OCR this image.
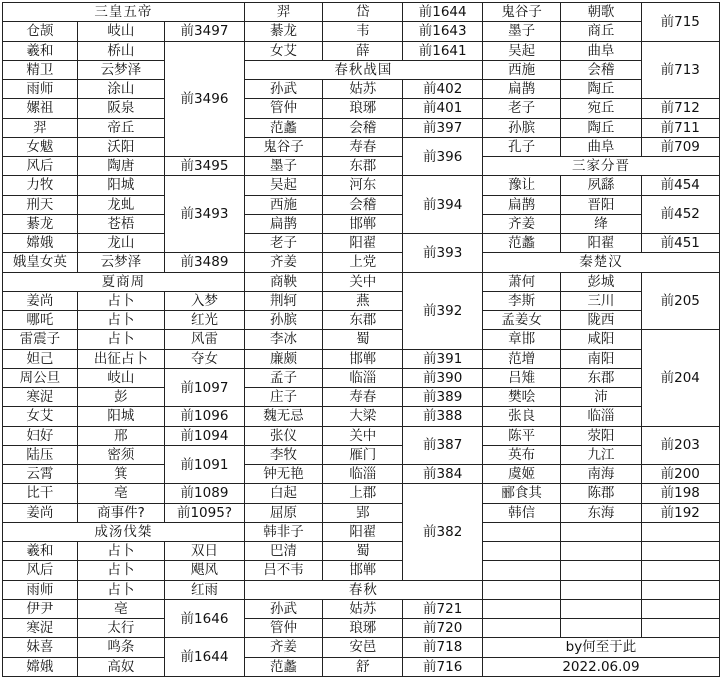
三皇五帝			羿	岱	前1644	鬼谷子	朝歌	前715
仓颉	岐山	前3497	綦龙	韦	前1643	墨子	商丘	
羲和	桥山	前3496	女艾	薛	前1641	吴起	曲阜	前713
精卫	云梦泽		春秋战国			西施	会稽	
雨师	涂山		孙武	姑苏	前402	扁鹊	陶丘	
嫘祖	阪泉		管仲	琅琊	前401	老子	宛丘	前712
羿	帝丘		范蠡	会稽	前397	孙膑	陶丘	前711
女魃	沃阳		鬼谷子	寿春	前396	孔子	曲阜	前709
风后	陶唐	前3495	墨子	东郡		三家分晋		
力牧	阳城	前3493	吴起	河东	前394	豫让	夙繇	前454
刑天	龙虬		西施	会稽		扁鹊	晋阳	前452
綦龙	苍梧		扁鹊	邯郸		齐姜	绛	
嫦娥	龙山		老子	阳翟	前393	范蠡	阳翟	前451
娥皇女英	云梦泽	前3489	齐姜	上党		秦楚汉		
夏商周			商鞅	关中	前392	萧何	彭城	前205
姜尚	占卜	入梦	荆轲	燕		李斯	三川	
哪吒	占卜	红光	孙膑	东郡		孟姜女	陇西	
雷震子	占卜	风雷	李冰	蜀		章邯	咸阳	前204
妲己	出征占卜	夺女	廉颇	邯郸	前391	范增	南阳	
周公旦	岐山	前1097	孟子	临淄	前390	吕雉	东郡	
寒浞	彭		庄子	寿春	前389	樊哙	沛	
女艾	阳城	前1096	魏无忌	大梁	前388	张良	临淄	
妇好	邢	前1094	张仪	关中	前387	陈平	荥阳	前203
陆压	密须	前1091	李牧	雁门		英布	九江	
云霄	箕		钟无艳	临淄	前384	虞姬	南海	前200
比干	亳	前1089	白起	上郡	前382	郦食其	陈郡	前198
姜尚	商事件?	前1095?	屈原	郢		韩信	东海	前192
成汤伐桀			韩非子	阳翟				
羲和	占卜	双日	巴清	蜀				
风后	占卜	飓风	吕不韦	邯郸				
雨师	占卜	红雨	春秋					
伊尹	亳	前1646	孙武	姑苏	前721			
寒浞	太行		管仲	琅琊	前720			
妹喜	鸣条	前1644	齐姜	安邑	前718	by何至于此		
嫦娥	高奴		范蠡	舒	前716	2022.06.09		
